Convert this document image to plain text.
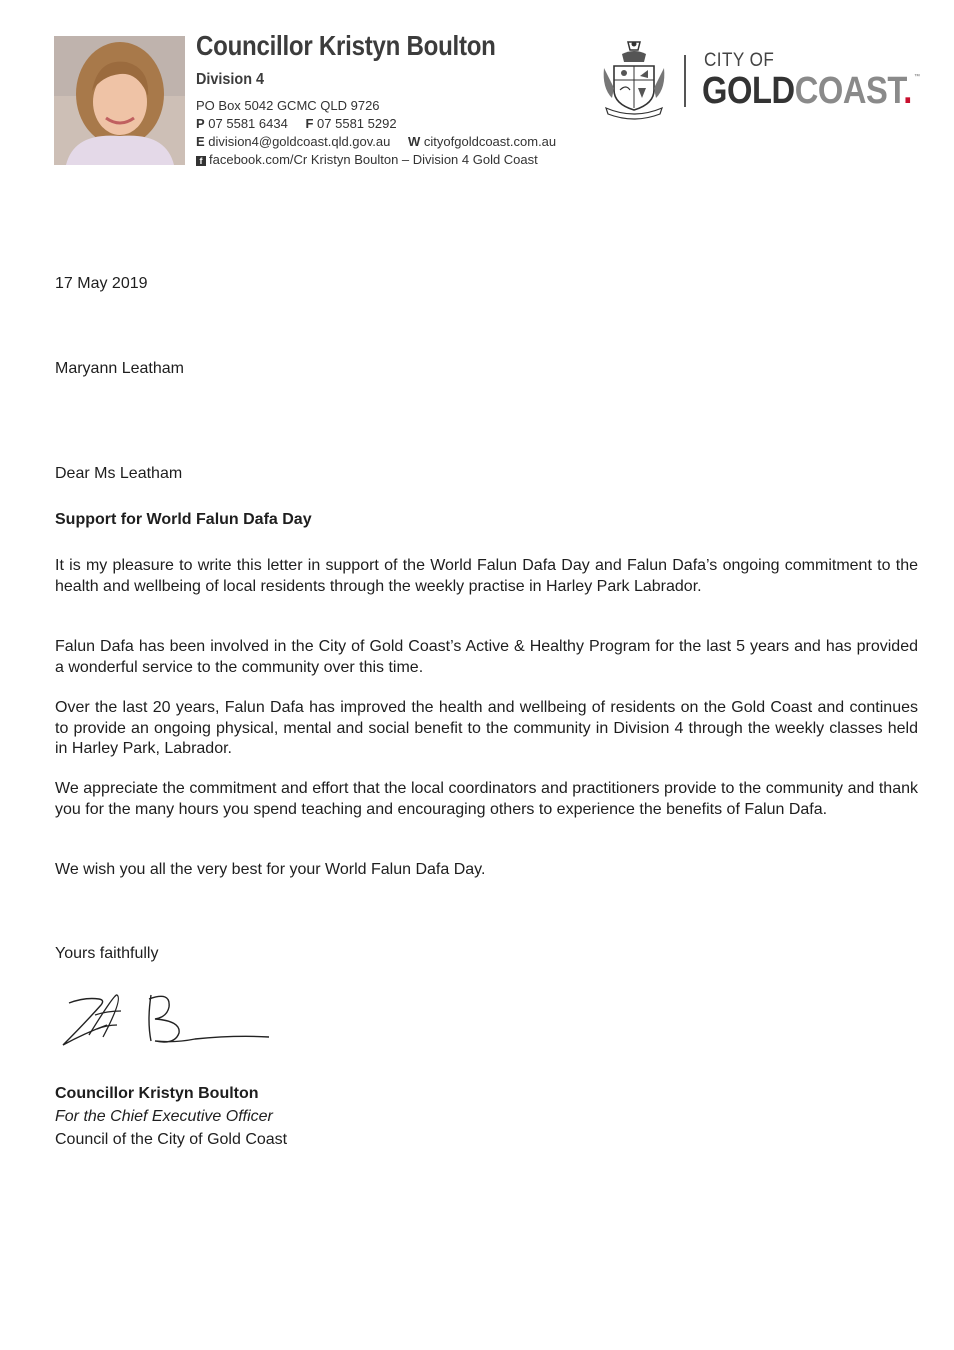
Councillor Kristyn Boulton
Division 4
PO Box 5042 GCMC QLD 9726
P 07 5581 6434 F 07 5581 5292
E division4@goldcoast.qld.gov.au W cityofgoldcoast.com.au
f facebook.com/Cr Kristyn Boulton – Division 4 Gold Coast
CITY OF
GOLDCOAST. ™
17 May 2019
Maryann Leatham
Dear Ms Leatham
Support for World Falun Dafa Day
It is my pleasure to write this letter in support of the World Falun Dafa Day and Falun Dafa’s ongoing commitment to the health and wellbeing of local residents through the weekly practise in Harley Park Labrador.
Falun Dafa has been involved in the City of Gold Coast’s Active & Healthy Program for the last 5 years and has provided a wonderful service to the community over this time.
Over the last 20 years, Falun Dafa has improved the health and wellbeing of residents on the Gold Coast and continues to provide an ongoing physical, mental and social benefit to the community in Division 4 through the weekly classes held in Harley Park, Labrador.
We appreciate the commitment and effort that the local coordinators and practitioners provide to the community and thank you for the many hours you spend teaching and encouraging others to experience the benefits of Falun Dafa.
We wish you all the very best for your World Falun Dafa Day.
Yours faithfully
Councillor Kristyn Boulton
For the Chief Executive Officer
Council of the City of Gold Coast
